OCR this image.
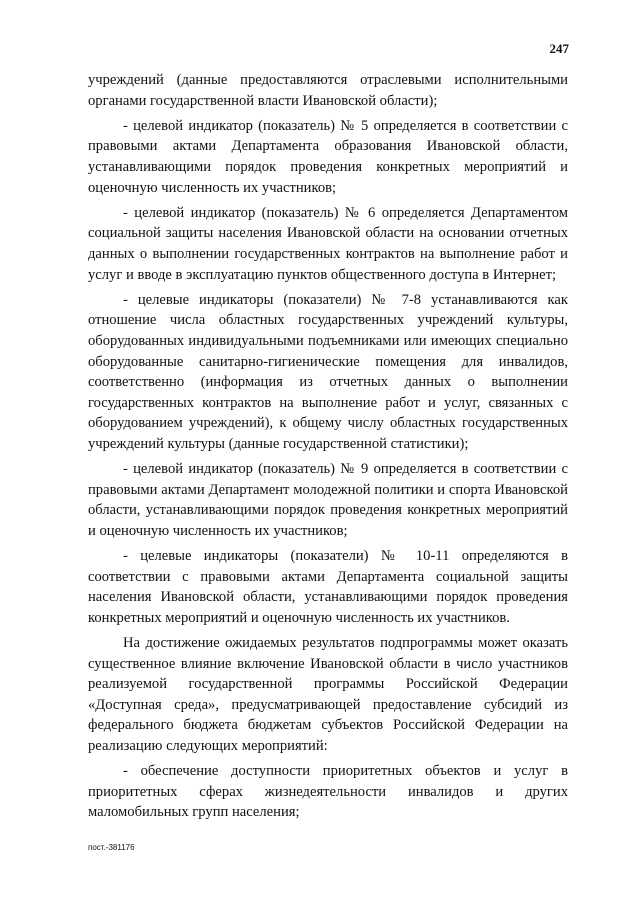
247

учреждений (данные предоставляются отраслевыми исполнительными органами государственной власти Ивановской области);

- целевой индикатор (показатель) № 5 определяется в соответствии с правовыми актами Департамента образования Ивановской области, устанавливающими порядок проведения конкретных мероприятий и оценочную численность их участников;

- целевой индикатор (показатель) № 6 определяется Департаментом социальной защиты населения Ивановской области на основании отчетных данных о выполнении государственных контрактов на выполнение работ и услуг и вводе в эксплуатацию пунктов общественного доступа в Интернет;

- целевые индикаторы (показатели) № 7-8 устанавливаются как отношение числа областных государственных учреждений культуры, оборудованных индивидуальными подъемниками или имеющих специально оборудованные санитарно-гигиенические помещения для инвалидов, соответственно (информация из отчетных данных о выполнении государственных контрактов на выполнение работ и услуг, связанных с оборудованием учреждений), к общему числу областных государственных учреждений культуры (данные государственной статистики);

- целевой индикатор (показатель) № 9 определяется в соответствии с правовыми актами Департамент молодежной политики и спорта Ивановской области, устанавливающими порядок проведения конкретных мероприятий и оценочную численность их участников;

- целевые индикаторы (показатели) № 10-11 определяются в соответствии с правовыми актами Департамента социальной защиты населения Ивановской области, устанавливающими порядок проведения конкретных мероприятий и оценочную численность их участников.

На достижение ожидаемых результатов подпрограммы может оказать существенное влияние включение Ивановской области в число участников реализуемой государственной программы Российской Федерации «Доступная среда», предусматривающей предоставление субсидий из федерального бюджета бюджетам субъектов Российской Федерации на реализацию следующих мероприятий:

- обеспечение доступности приоритетных объектов и услуг в приоритетных сферах жизнедеятельности инвалидов и других маломобильных групп населения;

пост.-381176
